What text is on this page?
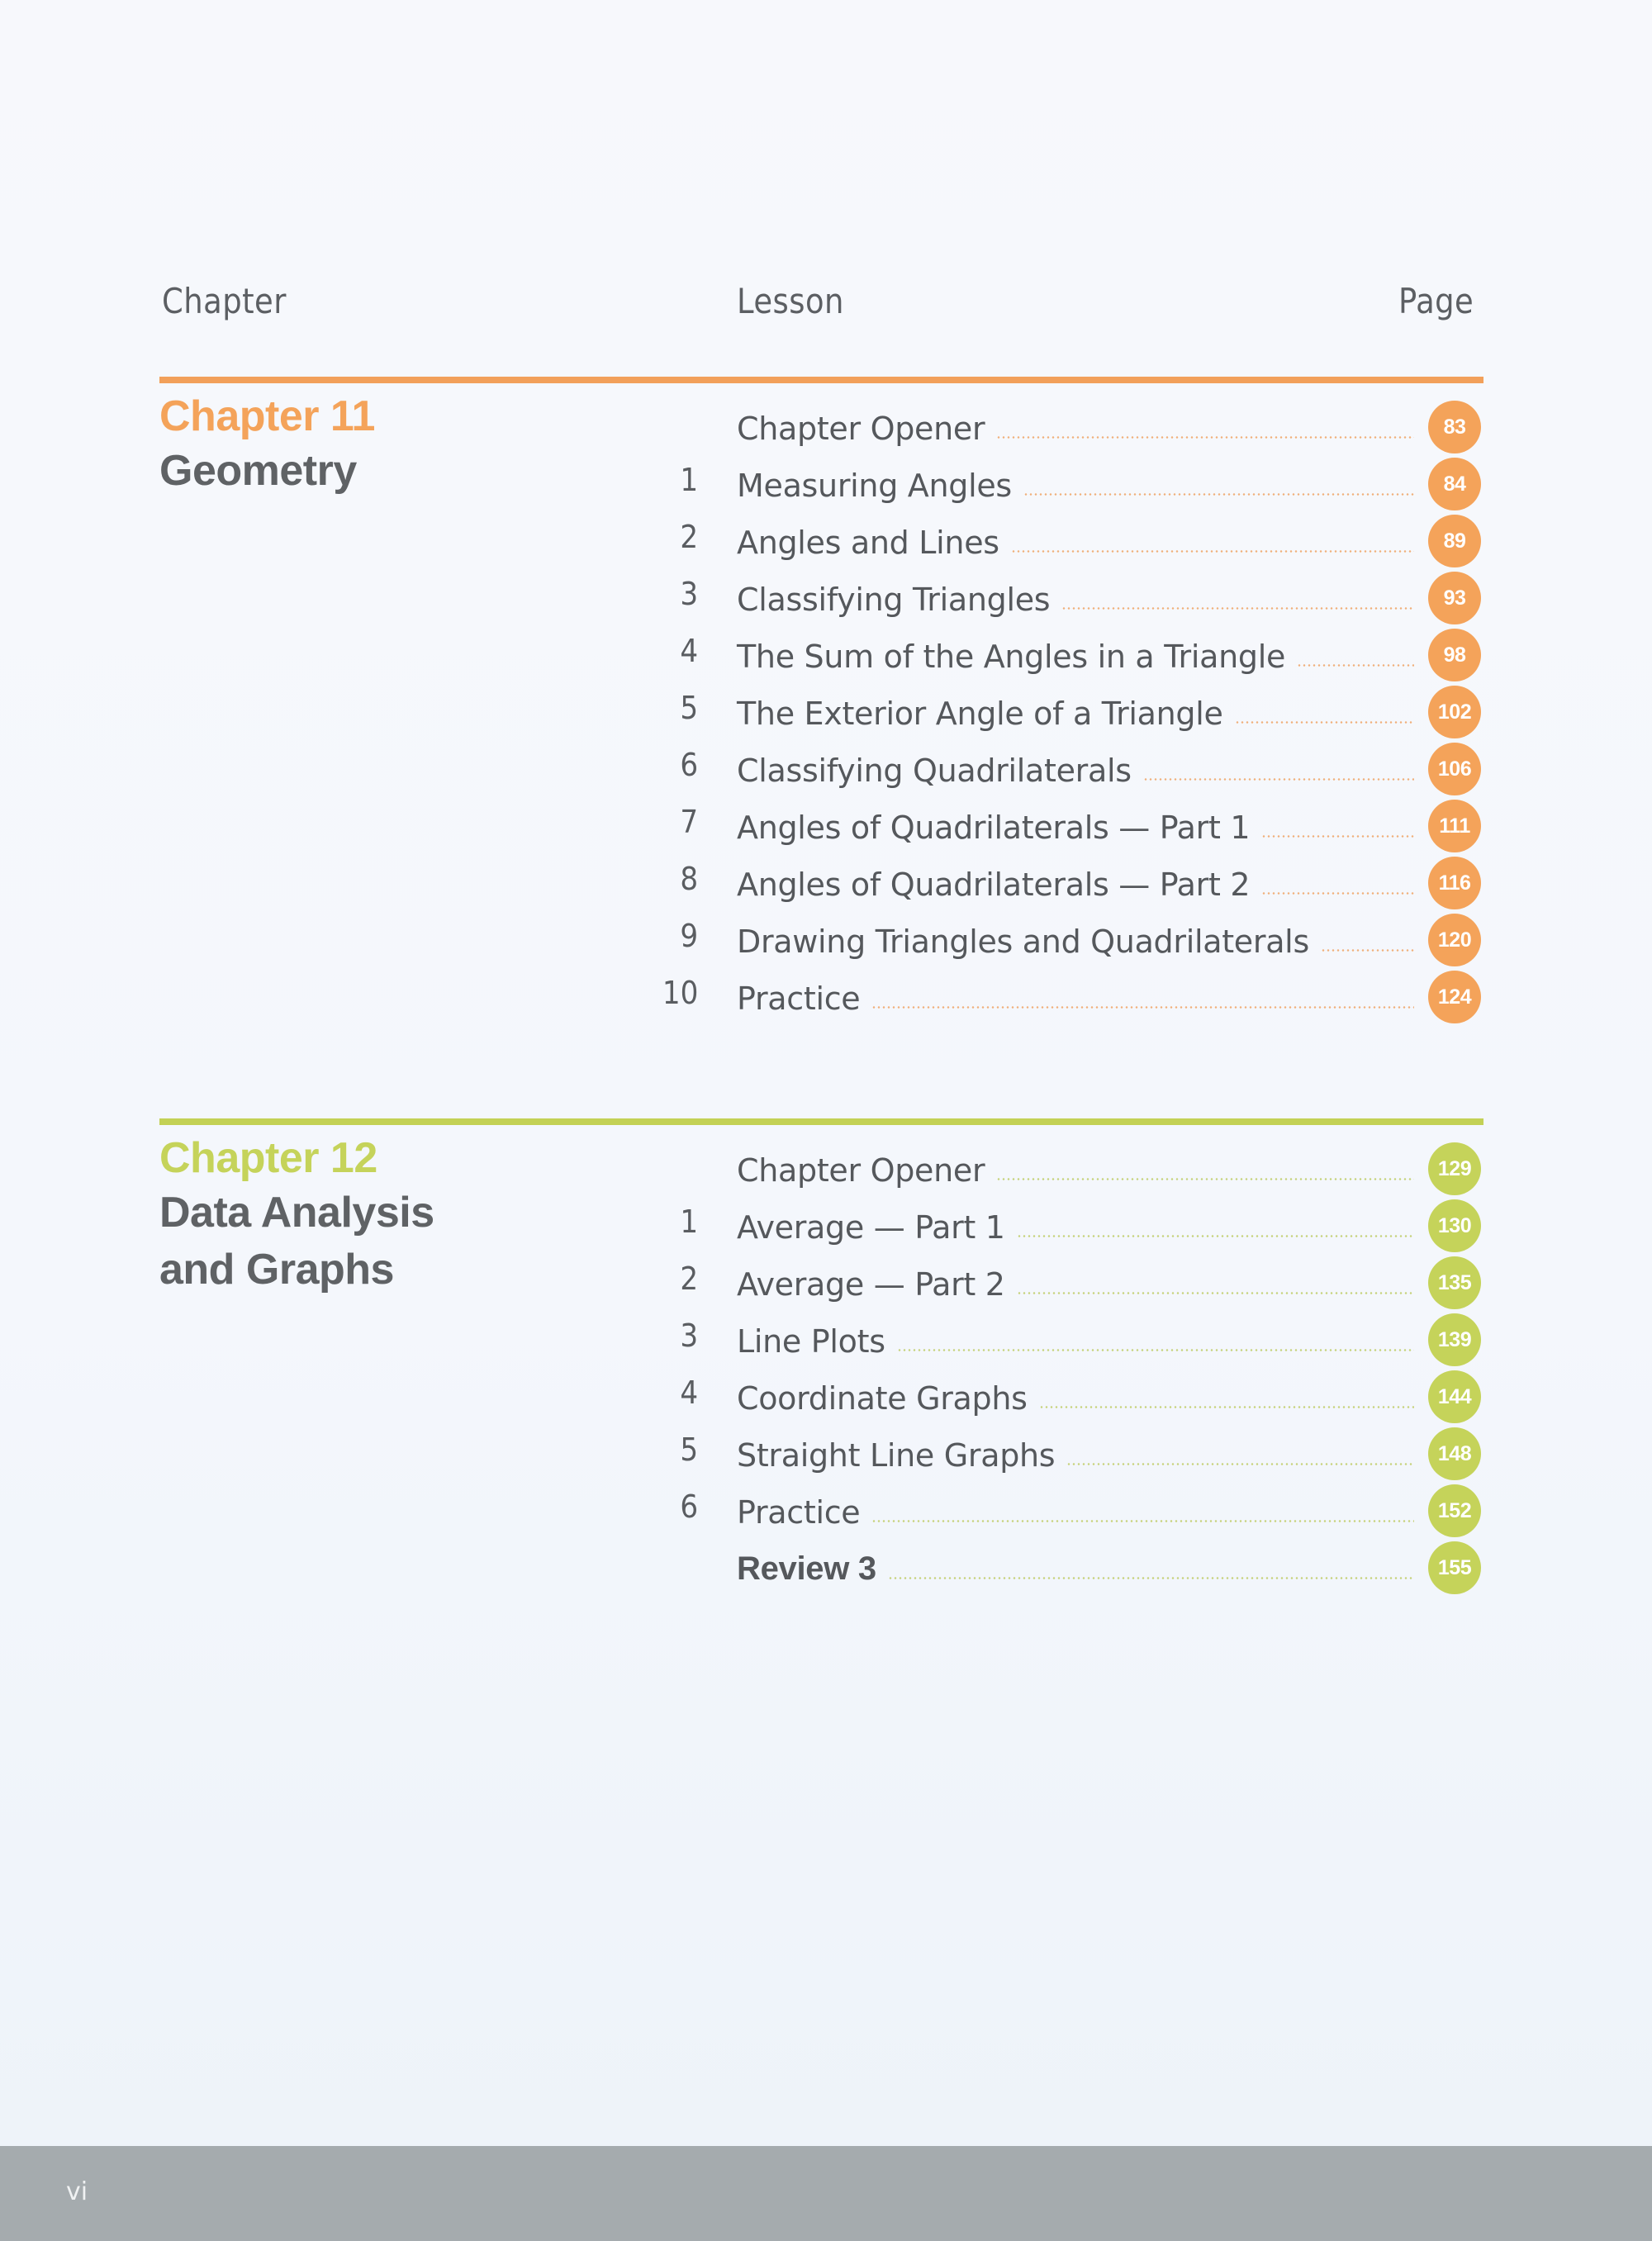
Chapter	Lesson	Page
Chapter 11
Geometry
Chapter Opener	83
1 Measuring Angles	84
2 Angles and Lines	89
3 Classifying Triangles	93
4 The Sum of the Angles in a Triangle	98
5 The Exterior Angle of a Triangle	102
6 Classifying Quadrilaterals	106
7 Angles of Quadrilaterals — Part 1	111
8 Angles of Quadrilaterals — Part 2	116
9 Drawing Triangles and Quadrilaterals	120
10 Practice	124
Chapter 12
Data Analysis
and Graphs
Chapter Opener	129
1 Average — Part 1	130
2 Average — Part 2	135
3 Line Plots	139
4 Coordinate Graphs	144
5 Straight Line Graphs	148
6 Practice	152
Review 3	155
vi
